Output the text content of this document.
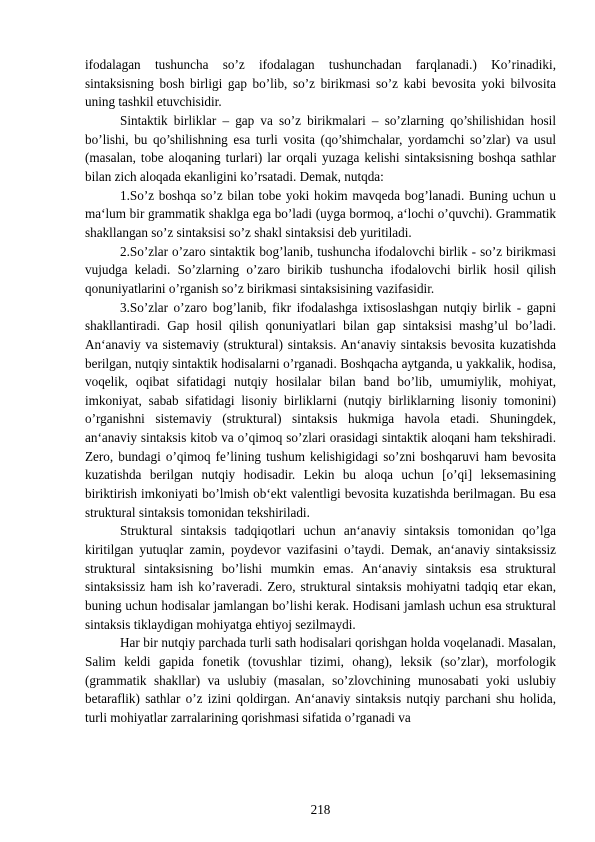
ifodalagan tushuncha so’z ifodalagan tushunchadan farqlanadi.) Ko’rinadiki, sintaksisning bosh birligi gap bo’lib, so’z birikmasi so’z kabi bevosita yoki bilvosita uning tashkil etuvchisidir.

Sintaktik birliklar – gap va so’z birikmalari – so’zlarning qo’shilishidan hosil bo’lishi, bu qo’shilishning esa turli vosita (qo’shimchalar, yordamchi so’zlar) va usul (masalan, tobe aloqaning turlari) lar orqali yuzaga kelishi sintaksisning boshqa sathlar bilan zich aloqada ekanligini ko’rsatadi. Demak, nutqda:

1.So’z boshqa so’z bilan tobe yoki hokim mavqeda bog’lanadi. Buning uchun u ma‘lum bir grammatik shaklga ega bo’ladi (uyga bormoq, a‘lochi o’quvchi). Grammatik shakllangan so’z sintaksisi so’z shakl sintaksisi deb yuritiladi.

2.So’zlar o’zaro sintaktik bog’lanib, tushuncha ifodalovchi birlik - so’z birikmasi vujudga keladi. So’zlarning o’zaro birikib tushuncha ifodalovchi birlik hosil qilish qonuniyatlarini o’rganish so’z birikmasi sintaksisining vazifasidir.

3.So’zlar o’zaro bog’lanib, fikr ifodalashga ixtisoslashgan nutqiy birlik - gapni shakllantiradi. Gap hosil qilish qonuniyatlari bilan gap sintaksisi mashg’ul bo’ladi. An‘anaviy va sistemaviy (struktural) sintaksis. An‘anaviy sintaksis bevosita kuzatishda berilgan, nutqiy sintaktik hodisalarni o’rganadi. Boshqacha aytganda, u yakkalik, hodisa, voqelik, oqibat sifatidagi nutqiy hosilalar bilan band bo’lib, umumiylik, mohiyat, imkoniyat, sabab sifatidagi lisoniy birliklarni (nutqiy birliklarning lisoniy tomonini) o’rganishni sistemaviy (struktural) sintaksis hukmiga havola etadi. Shuningdek, an‘anaviy sintaksis kitob va o’qimoq so’zlari orasidagi sintaktik aloqani ham tekshiradi. Zero, bundagi o’qimoq fe’lining tushum kelishigidagi so’zni boshqaruvi ham bevosita kuzatishda berilgan nutqiy hodisadir. Lekin bu aloqa uchun [o’qi] leksemasining biriktirish imkoniyati bo’lmish ob‘ekt valentligi bevosita kuzatishda berilmagan. Bu esa struktural sintaksis tomonidan tekshiriladi.

Struktural sintaksis tadqiqotlari uchun an‘anaviy sintaksis tomonidan qo’lga kiritilgan yutuqlar zamin, poydevor vazifasini o’taydi. Demak, an‘anaviy sintaksissiz struktural sintaksisning bo’lishi mumkin emas. An‘anaviy sintaksis esa struktural sintaksissiz ham ish ko’raveradi. Zero, struktural sintaksis mohiyatni tadqiq etar ekan, buning uchun hodisalar jamlangan bo’lishi kerak. Hodisani jamlash uchun esa struktural sintaksis tiklaydigan mohiyatga ehtiyoj sezilmaydi.

Har bir nutqiy parchada turli sath hodisalari qorishgan holda voqelanadi. Masalan, Salim keldi gapida fonetik (tovushlar tizimi, ohang), leksik (so’zlar), morfologik (grammatik shakllar) va uslubiy (masalan, so’zlovchining munosabati yoki uslubiy betaraflik) sathlar o’z izini qoldirgan. An‘anaviy sintaksis nutqiy parchani shu holida, turli mohiyatlar zarralarining qorishmasi sifatida o’rganadi va

218
